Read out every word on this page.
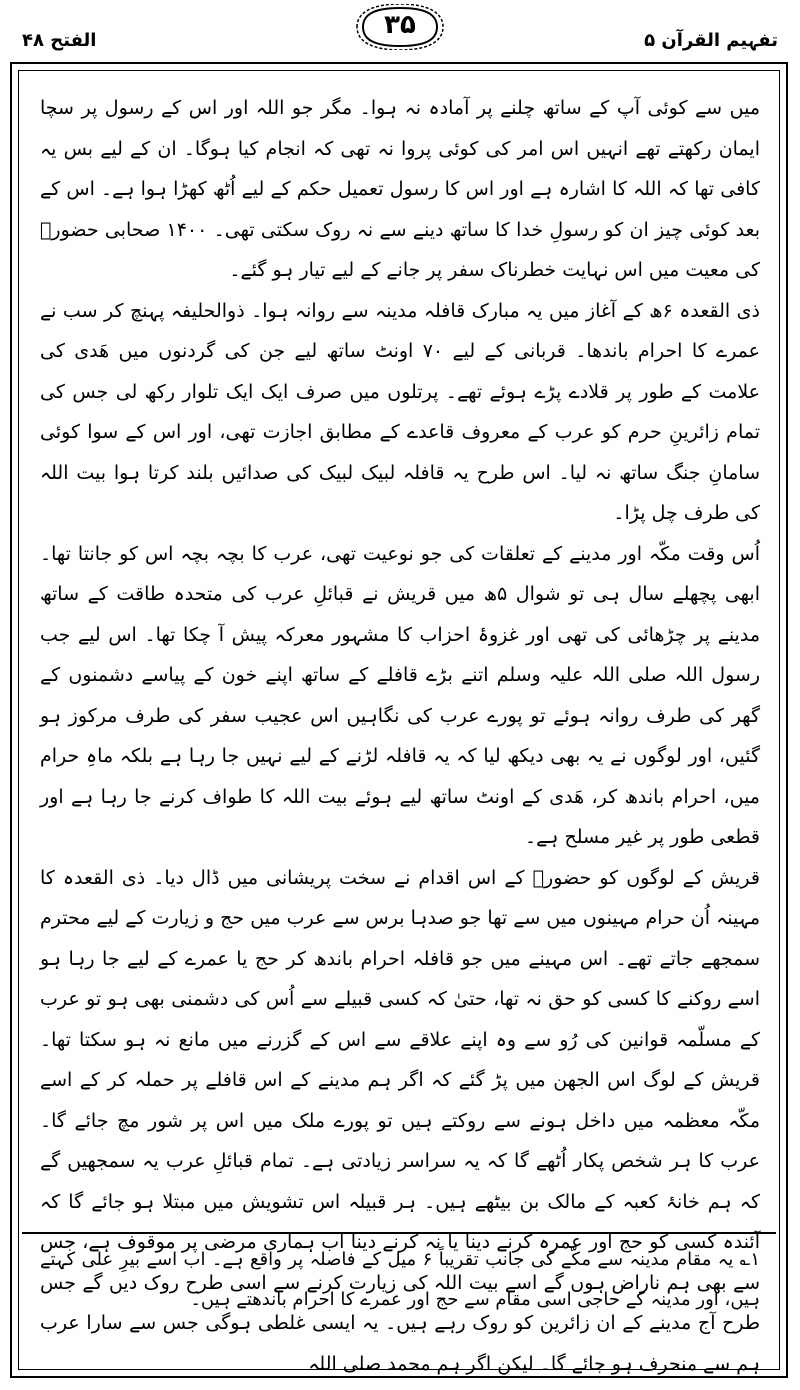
الفتح ۴۸
۳۵
تفہیم القرآن ۵

میں سے کوئی آپ کے ساتھ چلنے پر آمادہ نہ ہوا۔ مگر جو اللہ اور اس کے رسول پر سچا ایمان رکھتے تھے انہیں اس امر کی کوئی پروا نہ تھی کہ انجام کیا ہوگا۔ ان کے لیے بس یہ کافی تھا کہ اللہ کا اشارہ ہے اور اس کا رسول تعمیل حکم کے لیے اُٹھ کھڑا ہوا ہے۔ اس کے بعد کوئی چیز ان کو رسولِ خدا کا ساتھ دینے سے نہ روک سکتی تھی۔ ۱۴۰۰ صحابی حضورؐ کی معیت میں اس نہایت خطرناک سفر پر جانے کے لیے تیار ہو گئے۔

ذی القعدہ ۶ھ کے آغاز میں یہ مبارک قافلہ مدینہ سے روانہ ہوا۔ ذوالحلیفہ پہنچ کر سب نے عمرے کا احرام باندھا۔ قربانی کے لیے ۷۰ اونٹ ساتھ لیے جن کی گردنوں میں ھَدی کی علامت کے طور پر قلادے پڑے ہوئے تھے۔ پرتلوں میں صرف ایک ایک تلوار رکھ لی جس کی تمام زائرینِ حرم کو عرب کے معروف قاعدے کے مطابق اجازت تھی، اور اس کے سوا کوئی سامانِ جنگ ساتھ نہ لیا۔ اس طرح یہ قافلہ لبیک لبیک کی صدائیں بلند کرتا ہوا بیت اللہ کی طرف چل پڑا۔

اُس وقت مکّہ اور مدینے کے تعلقات کی جو نوعیت تھی، عرب کا بچہ بچہ اس کو جانتا تھا۔ ابھی پچھلے سال ہی تو شوال ۵ھ میں قریش نے قبائلِ عرب کی متحدہ طاقت کے ساتھ مدینے پر چڑھائی کی تھی اور غزوۂ احزاب کا مشہور معرکہ پیش آ چکا تھا۔ اس لیے جب رسول اللہ صلی اللہ علیہ وسلم اتنے بڑے قافلے کے ساتھ اپنے خون کے پیاسے دشمنوں کے گھر کی طرف روانہ ہوئے تو پورے عرب کی نگاہیں اس عجیب سفر کی طرف مرکوز ہو گئیں، اور لوگوں نے یہ بھی دیکھ لیا کہ یہ قافلہ لڑنے کے لیے نہیں جا رہا ہے بلکہ ماہِ حرام میں، احرام باندھ کر، ھَدی کے اونٹ ساتھ لیے ہوئے بیت اللہ کا طواف کرنے جا رہا ہے اور قطعی طور پر غیر مسلح ہے۔

قریش کے لوگوں کو حضورؐ کے اس اقدام نے سخت پریشانی میں ڈال دیا۔ ذی القعدہ کا مہینہ اُن حرام مہینوں میں سے تھا جو صدہا برس سے عرب میں حج و زیارت کے لیے محترم سمجھے جاتے تھے۔ اس مہینے میں جو قافلہ احرام باندھ کر حج یا عمرے کے لیے جا رہا ہو اسے روکنے کا کسی کو حق نہ تھا، حتیٰ کہ کسی قبیلے سے اُس کی دشمنی بھی ہو تو عرب کے مسلّمہ قوانین کی رُو سے وہ اپنے علاقے سے اس کے گزرنے میں مانع نہ ہو سکتا تھا۔ قریش کے لوگ اس الجھن میں پڑ گئے کہ اگر ہم مدینے کے اس قافلے پر حملہ کر کے اسے مکّہ معظمہ میں داخل ہونے سے روکتے ہیں تو پورے ملک میں اس پر شور مچ جائے گا۔ عرب کا ہر شخص پکار اُٹھے گا کہ یہ سراسر زیادتی ہے۔ تمام قبائلِ عرب یہ سمجھیں گے کہ ہم خانۂ کعبہ کے مالک بن بیٹھے ہیں۔ ہر قبیلہ اس تشویش میں مبتلا ہو جائے گا کہ آئندہ کسی کو حج اور عمرہ کرنے دینا یا نہ کرنے دینا اب ہماری مرضی پر موقوف ہے، جس سے بھی ہم ناراض ہوں گے اسے بیت اللہ کی زیارت کرنے سے اسی طرح روک دیں گے جس طرح آج مدینے کے ان زائرین کو روک رہے ہیں۔ یہ ایسی غلطی ہوگی جس سے سارا عرب ہم سے منحرف ہو جائے گا۔ لیکن اگر ہم محمد صلی اللہ

۱؎ یہ مقام مدینہ سے مکّے کی جانب تقریباً ۶ میل کے فاصلہ پر واقع ہے۔ اب اسے بیرِ علی کہتے ہیں، اور مدینہ کے حاجی اسی مقام سے حج اور عمرے کا احرام باندھتے ہیں۔
